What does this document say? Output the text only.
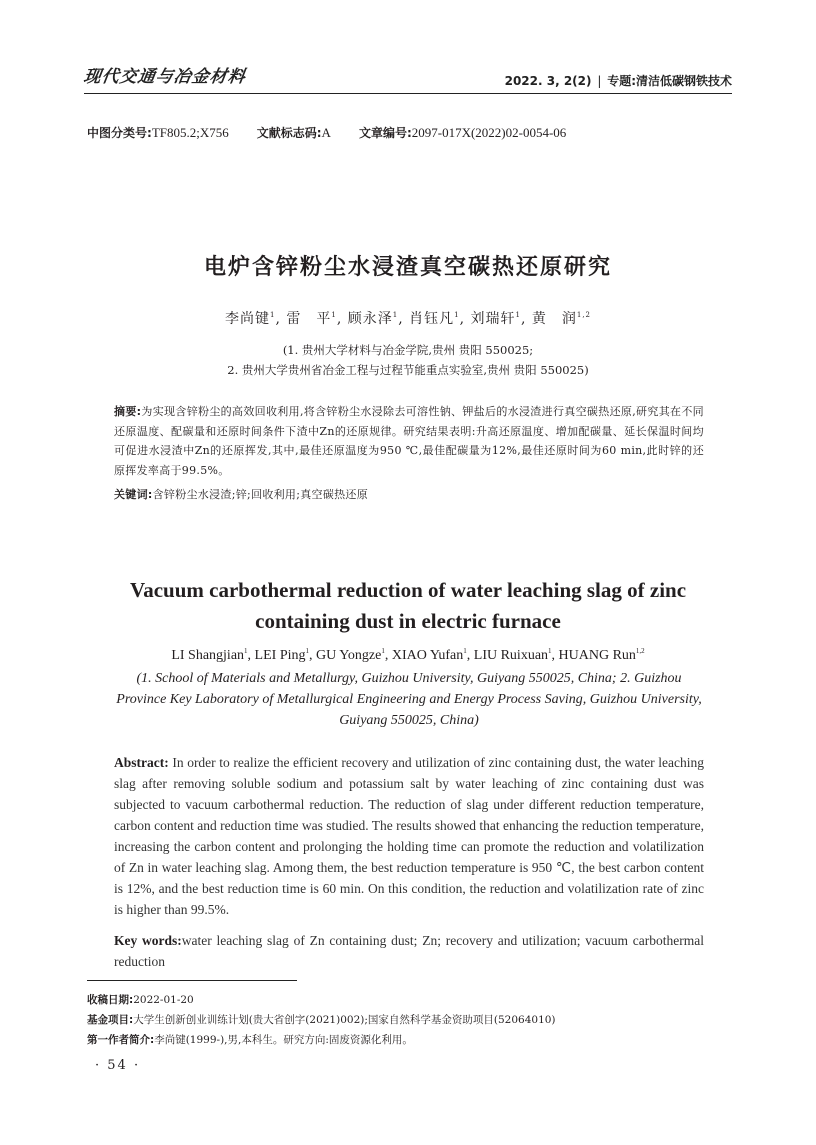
现代交通与冶金材料	2022. 3, 2(2) | 专题:清洁低碳钢铁技术
中图分类号:TF805.2;X756 文献标志码:A 文章编号:2097-017X(2022)02-0054-06
电炉含锌粉尘水浸渣真空碳热还原研究
李尚键$^1$, 雷　平$^1$, 顾永泽$^1$, 肖钰凡$^1$, 刘瑞轩$^1$, 黄　润$^{1,2}$
(1. 贵州大学材料与冶金学院,贵州 贵阳 550025;
2. 贵州大学贵州省冶金工程与过程节能重点实验室,贵州 贵阳 550025)
摘要:为实现含锌粉尘的高效回收利用,将含锌粉尘水浸除去可溶性钠、钾盐后的水浸渣进行真空碳热还原,研究其在不同还原温度、配碳量和还原时间条件下渣中Zn的还原规律。研究结果表明:升高还原温度、增加配碳量、延长保温时间均可促进水浸渣中Zn的还原挥发,其中,最佳还原温度为950 ℃,最佳配碳量为12%,最佳还原时间为60 min,此时锌的还原挥发率高于99.5%。
关键词:含锌粉尘水浸渣;锌;回收利用;真空碳热还原
Vacuum carbothermal reduction of water leaching slag of zinc
containing dust in electric furnace
LI Shangjian$^1$, LEI Ping$^1$, GU Yongze$^1$, XIAO Yufan$^1$, LIU Ruixuan$^1$, HUANG Run$^{1,2}$
(1. School of Materials and Metallurgy, Guizhou University, Guiyang 550025, China; 2. Guizhou Province Key Laboratory of Metallurgical Engineering and Energy Process Saving, Guizhou University, Guiyang 550025, China)
Abstract: In order to realize the efficient recovery and utilization of zinc containing dust, the water leaching slag after removing soluble sodium and potassium salt by water leaching of zinc containing dust was subjected to vacuum carbothermal reduction. The reduction of slag under different reduction temperature, carbon content and reduction time was studied. The results showed that enhancing the reduction temperature, increasing the carbon content and prolonging the holding time can promote the reduction and volatilization of Zn in water leaching slag. Among them, the best reduction temperature is 950 ℃, the best carbon content is 12%, and the best reduction time is 60 min. On this condition, the reduction and volatilization rate of zinc is higher than 99.5%.
Key words:water leaching slag of Zn containing dust; Zn; recovery and utilization; vacuum carbothermal reduction
收稿日期:2022-01-20
基金项目:大学生创新创业训练计划(贵大省创字(2021)002);国家自然科学基金资助项目(52064010)
第一作者简介:李尚键(1999-),男,本科生。研究方向:固废资源化利用。
· 54 ·
